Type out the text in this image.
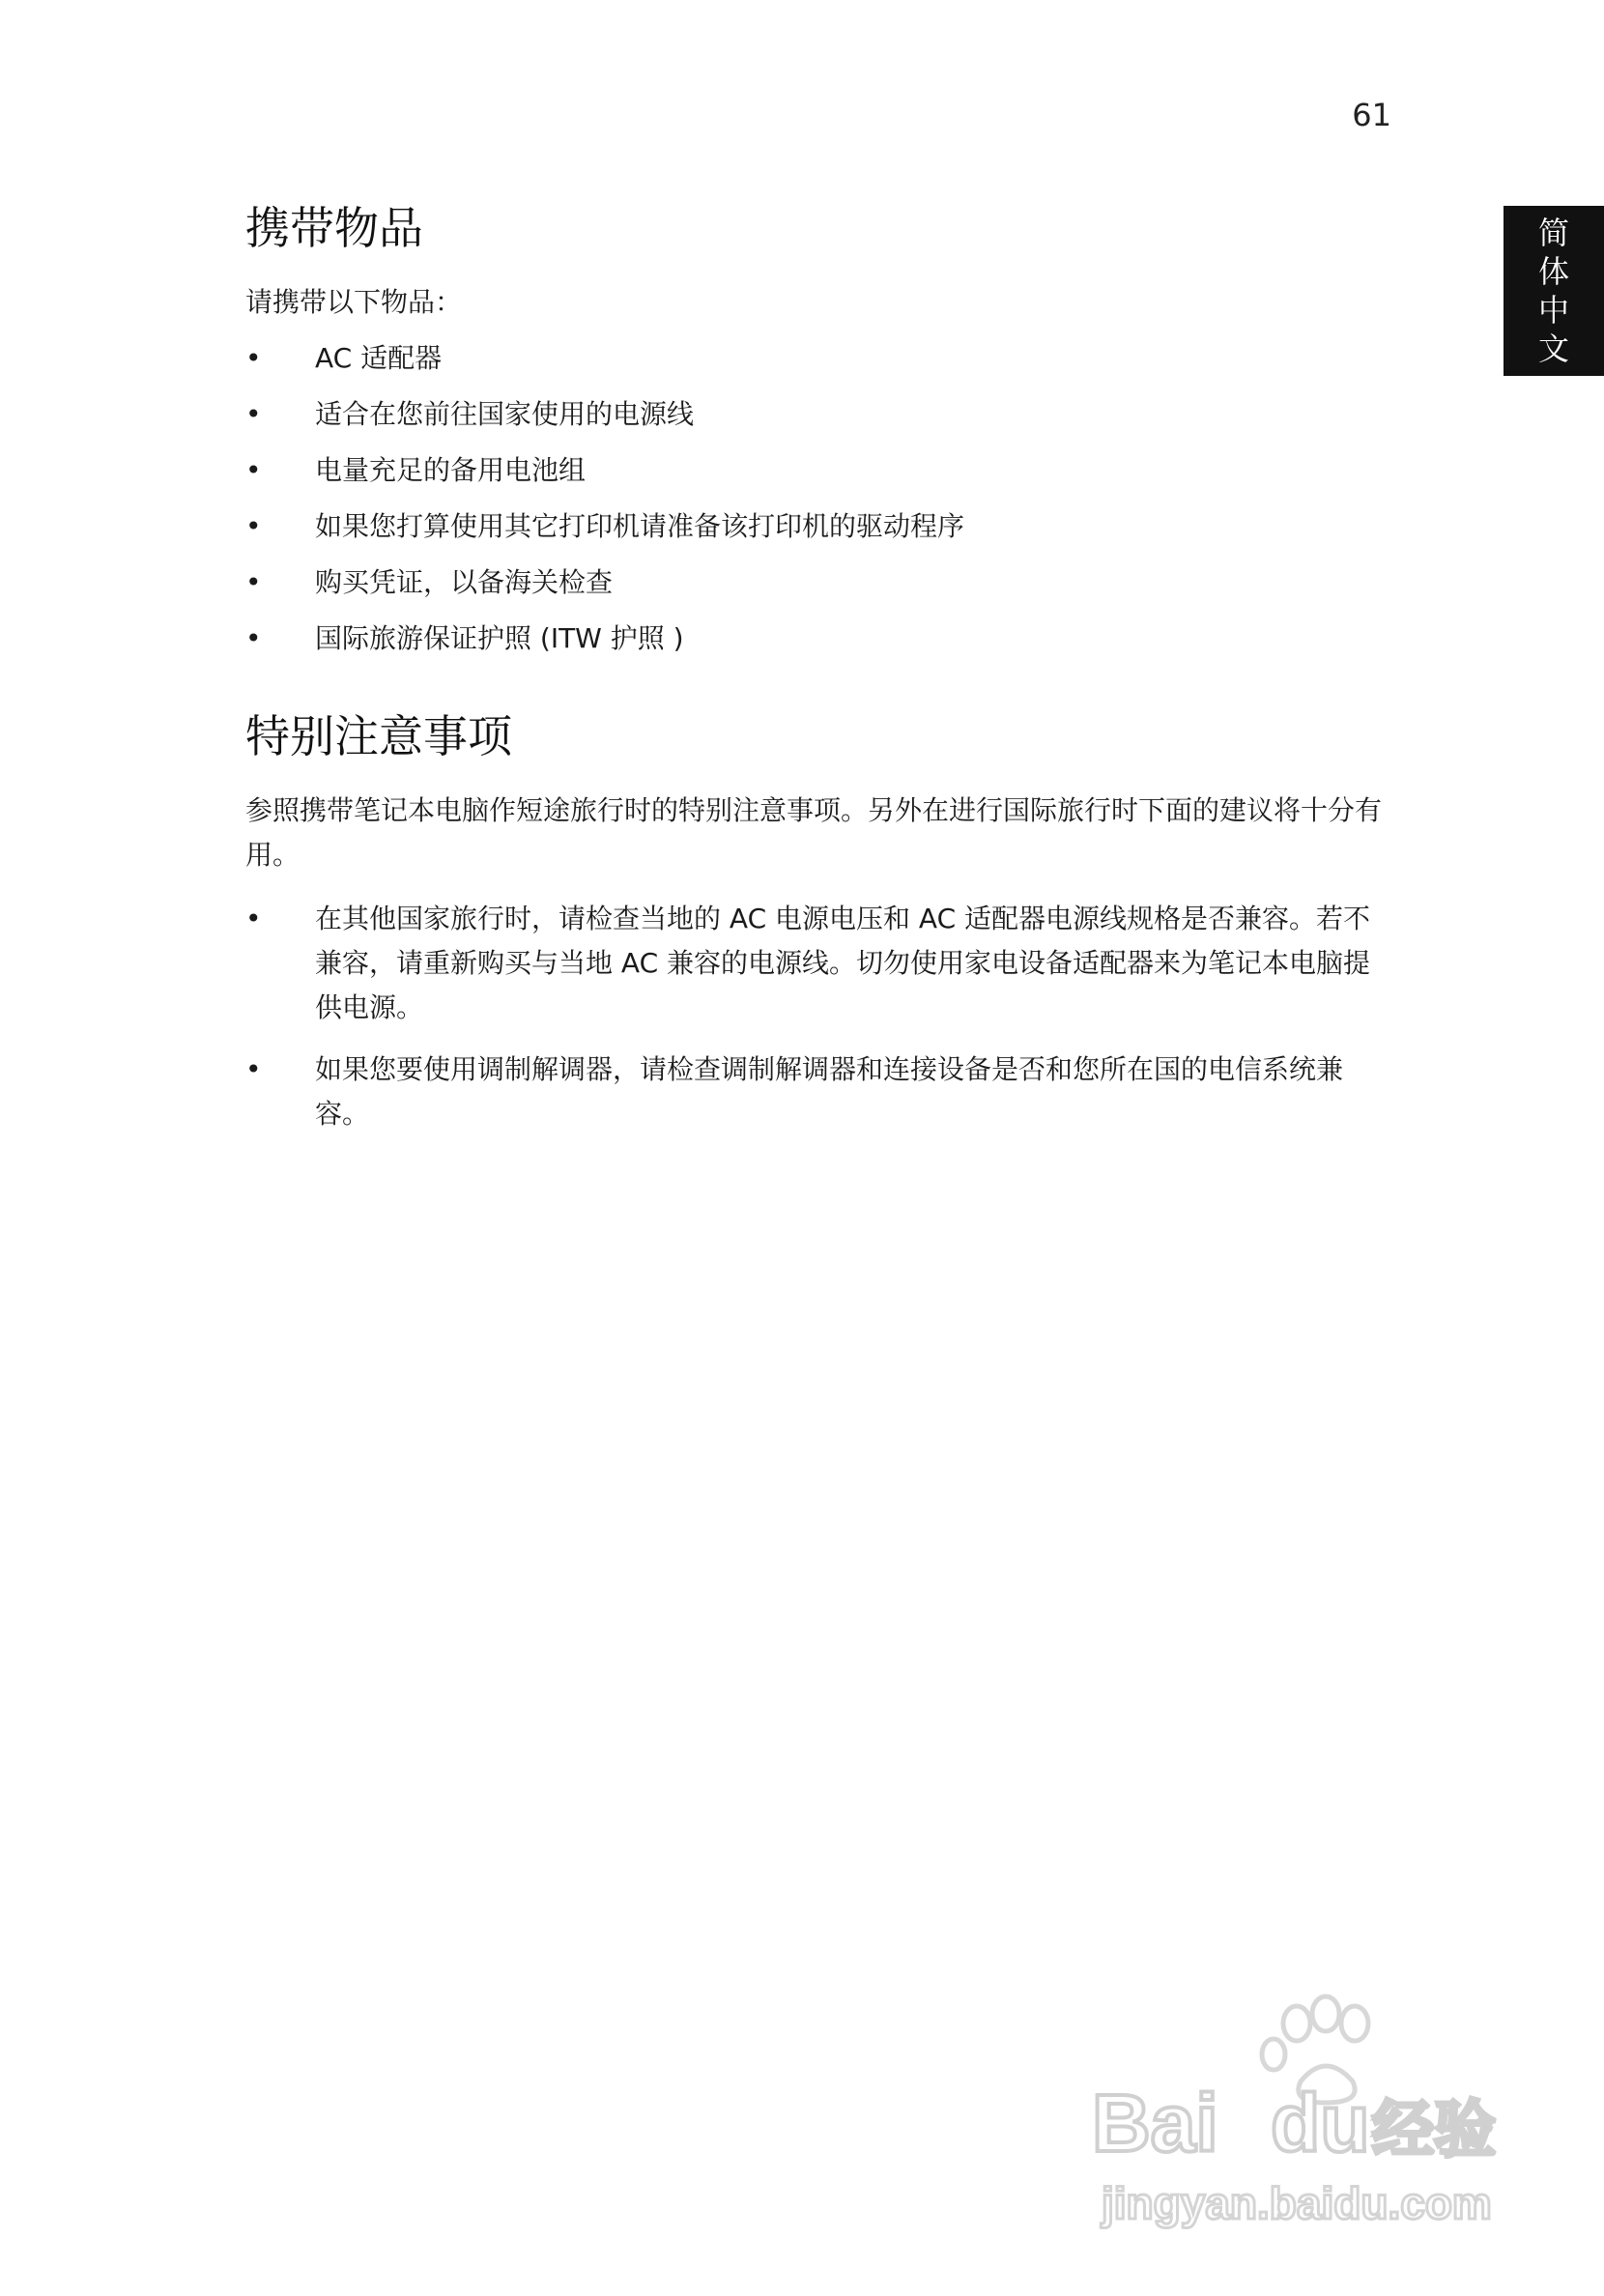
61
简
体
中
文
携带物品

请携带以下物品：

• AC 适配器
• 适合在您前往国家使用的电源线
• 电量充足的备用电池组
• 如果您打算使用其它打印机请准备该打印机的驱动程序
• 购买凭证，以备海关检查
• 国际旅游保证护照 (ITW 护照 )
特别注意事项

参照携带笔记本电脑作短途旅行时的特别注意事项。另外在进行国际旅行时下面的建议将十分有用。

• 在其他国家旅行时，请检查当地的 AC 电源电压和 AC 适配器电源线规格是否兼容。若不兼容，请重新购买与当地 AC 兼容的电源线。切勿使用家电设备适配器来为笔记本电脑提供电源。
• 如果您要使用调制解调器，请检查调制解调器和连接设备是否和您所在国的电信系统兼容。
Bai du 经验
jingyan.baidu.com
